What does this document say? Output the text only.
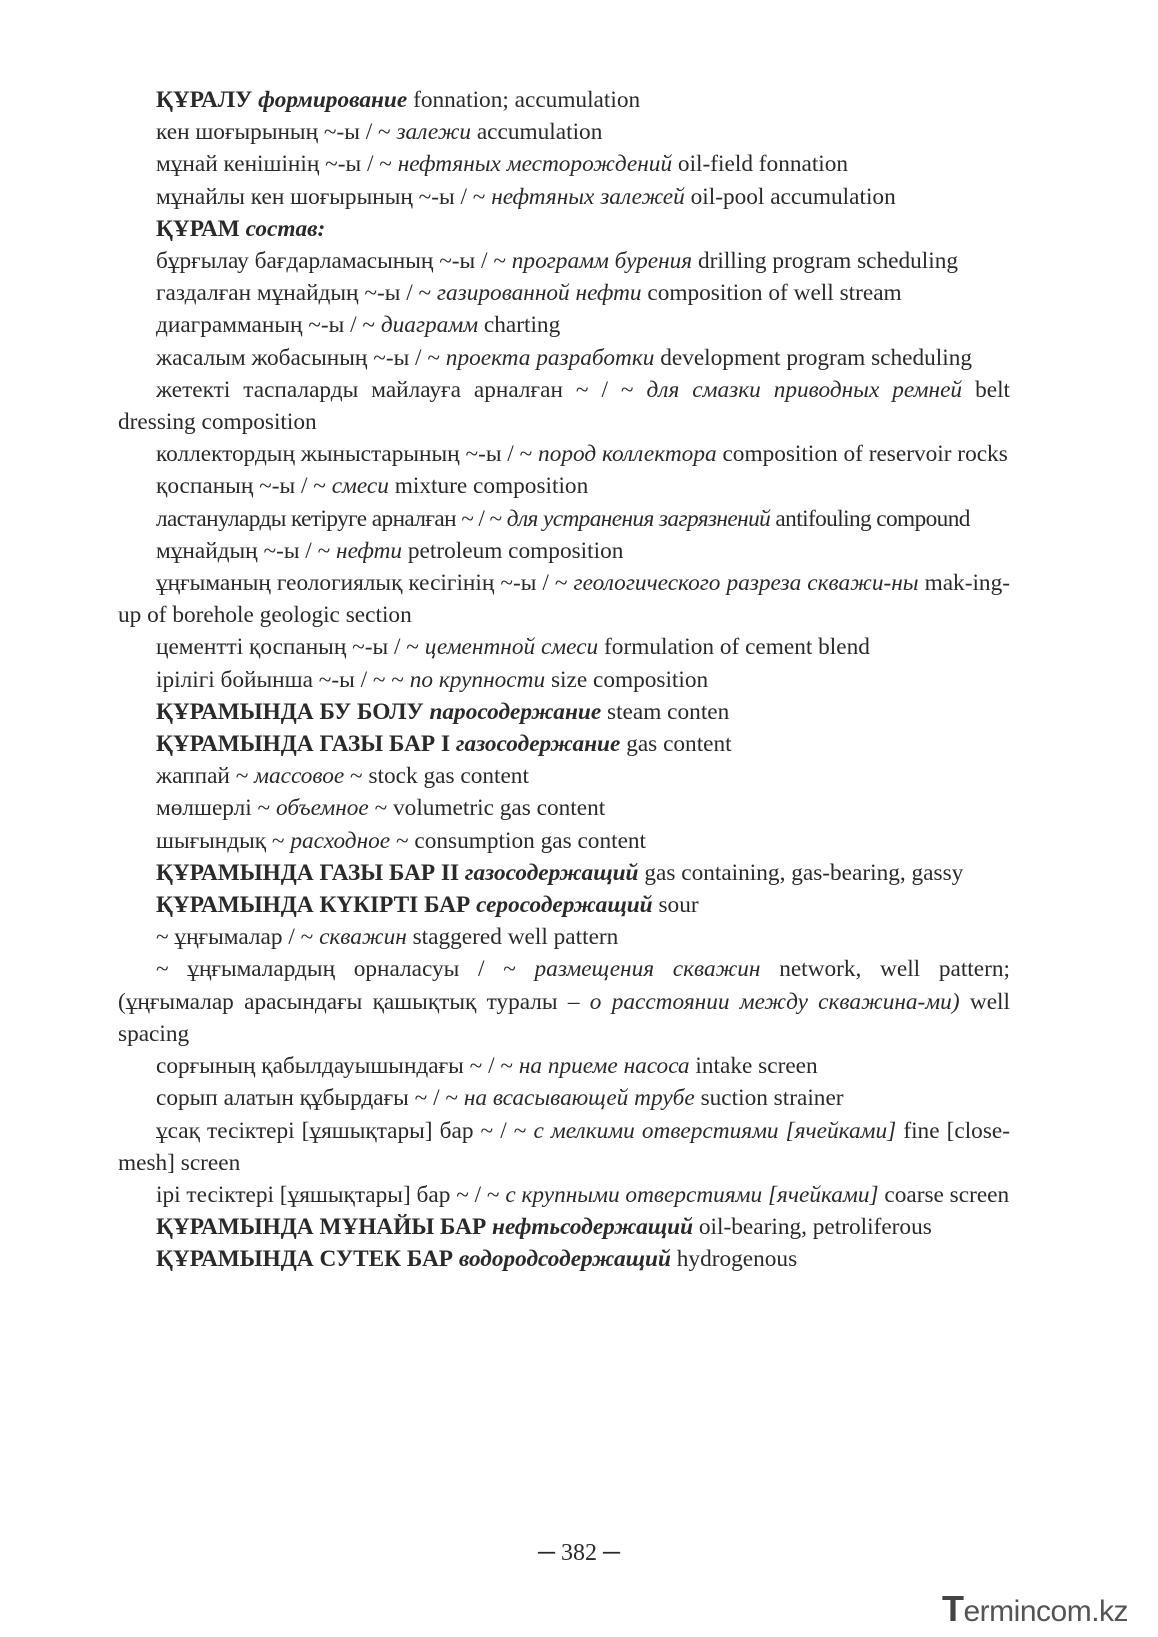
ҚҰРАЛУ формирование fonnation; accumulation
кен шоғырының ~-ы / ~ залежи accumulation
мұнай кенішінің ~-ы / ~ нефтяных месторождений oil-field fonnation
мұнайлы кен шоғырының ~-ы / ~ нефтяных залежей oil-pool accumulation
ҚҰРАМ состав:
бұрғылау бағдарламасының ~-ы / ~ программ бурения drilling program scheduling
газдалған мұнайдың ~-ы / ~ газированной нефти composition of well stream
диаграмманың ~-ы / ~ диаграмм charting
жасалым жобасының ~-ы / ~ проекта разработки development program scheduling
жетекті таспаларды майлауға арналған ~ / ~ для смазки приводных ремней belt dressing composition
коллектордың жыныстарының ~-ы / ~ пород коллектора composition of reservoir rocks
қоспаның ~-ы / ~ смеси mixture composition
ластануларды кетіруге арналған ~ / ~ для устранения загрязнений antifouling compound
мұнайдың ~-ы / ~ нефти petroleum composition
ұңғыманың геологиялық кесігінің ~-ы / ~ геологического разреза скважи-ны mak-ing-up of borehole geologic section
цементті қоспаның ~-ы / ~ цементной смеси formulation of cement blend
ірілігі бойынша ~-ы / ~ ~ по крупности size composition
ҚҰРАМЫНДА БУ БОЛУ паросодержание steam conten
ҚҰРАМЫНДА ГАЗЫ БАР I газосодержание gas content
жаппай ~ массовое ~ stock gas content
мөлшерлі ~ объемное ~ volumetric gas content
шығындық ~ расходное ~ consumption gas content
ҚҰРАМЫНДА ГАЗЫ БАР II газосодержащий gas containing, gas-bearing, gassy
ҚҰРАМЫНДА КҮКІРТІ БАР серосодержащий sour
~ ұңғымалар / ~ скважин staggered well pattern
~ ұңғымалардың орналасуы / ~ размещения скважин network, well pattern; (ұңғымалар арасындағы қашықтық туралы – о расстоянии между скважина-ми) well spacing
сорғының қабылдауышындағы ~ / ~ на приеме насоса intake screen
сорып алатын құбырдағы ~ / ~ на всасывающей трубе suction strainer
ұсақ тесіктері [ұяшықтары] бар ~ / ~ с мелкими отверстиями [ячейками] fine [close-mesh] screen
ірі тесіктері [ұяшықтары] бар ~ / ~ с крупными отверстиями [ячейками] coarse screen
ҚҰРАМЫНДА МҰНАЙЫ БАР нефтьсодержащий oil-bearing, petroliferous
ҚҰРАМЫНДА СУТЕК БАР водородсодержащий hydrogenous
─ 382 ─
Termincom.kz
